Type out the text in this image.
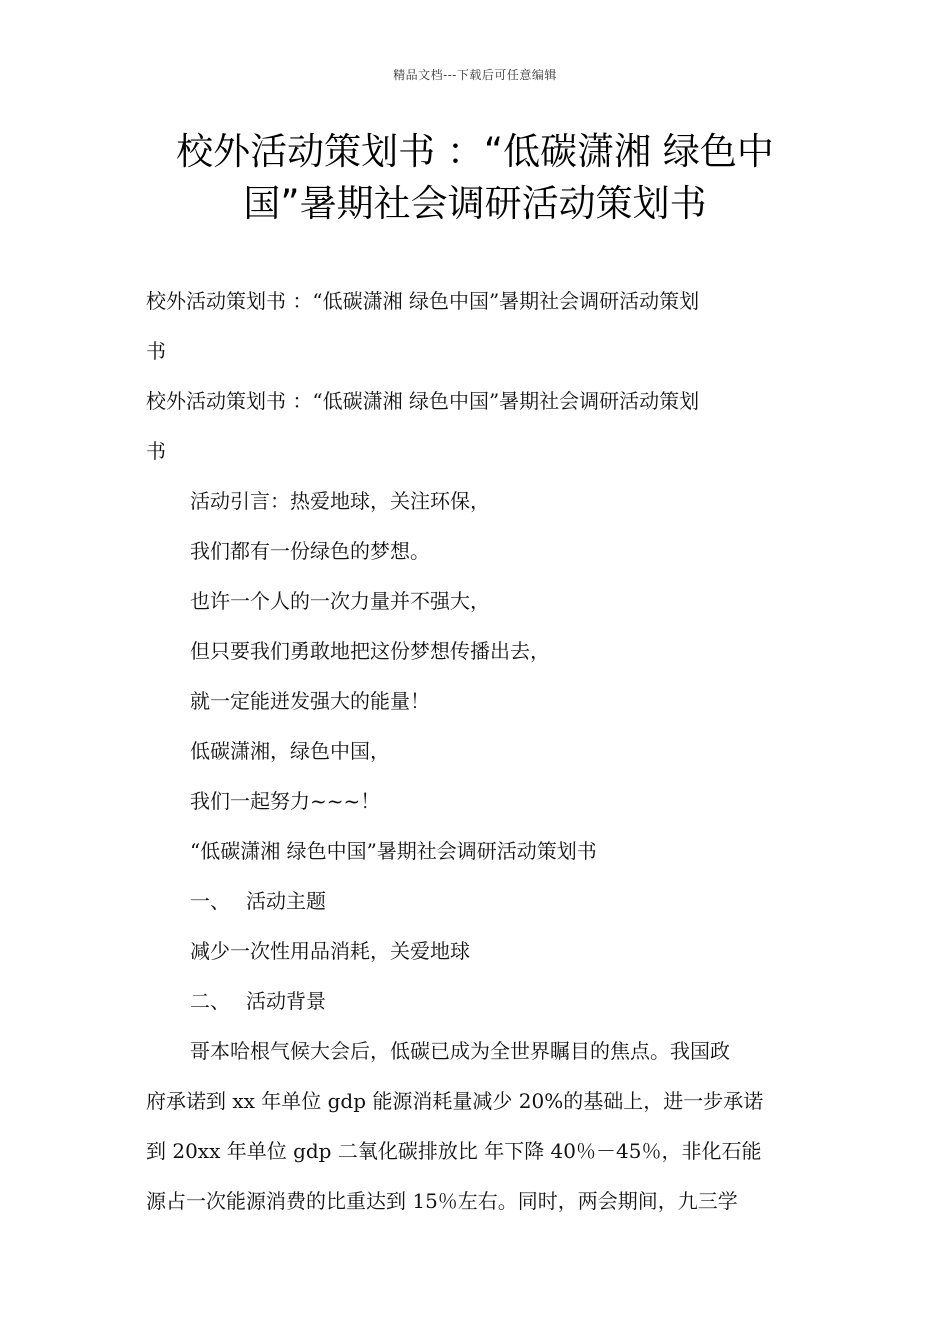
精品文档---下载后可任意编辑
校外活动策划书 ：“低碳潇湘 绿色中
国”暑期社会调研活动策划书

校外活动策划书 ：“低碳潇湘 绿色中国”暑期社会调研活动策划

书

校外活动策划书 ：“低碳潇湘 绿色中国”暑期社会调研活动策划

书

活动引言：热爱地球，关注环保，

我们都有一份绿色的梦想。

也许一个人的一次力量并不强大，

但只要我们勇敢地把这份梦想传播出去，

就一定能迸发强大的能量！

低碳潇湘，绿色中国，

我们一起努力~~~！

“低碳潇湘 绿色中国”暑期社会调研活动策划书

一、 活动主题

减少一次性用品消耗，关爱地球

二、 活动背景

哥本哈根气候大会后，低碳已成为全世界瞩目的焦点。我国政

府承诺到 xx 年单位 gdp 能源消耗量减少 20%的基础上，进一步承诺

到 20xx 年单位 gdp 二氧化碳排放比 年下降 40％－45％，非化石能

源占一次能源消费的比重达到 15％左右。同时，两会期间，九三学
